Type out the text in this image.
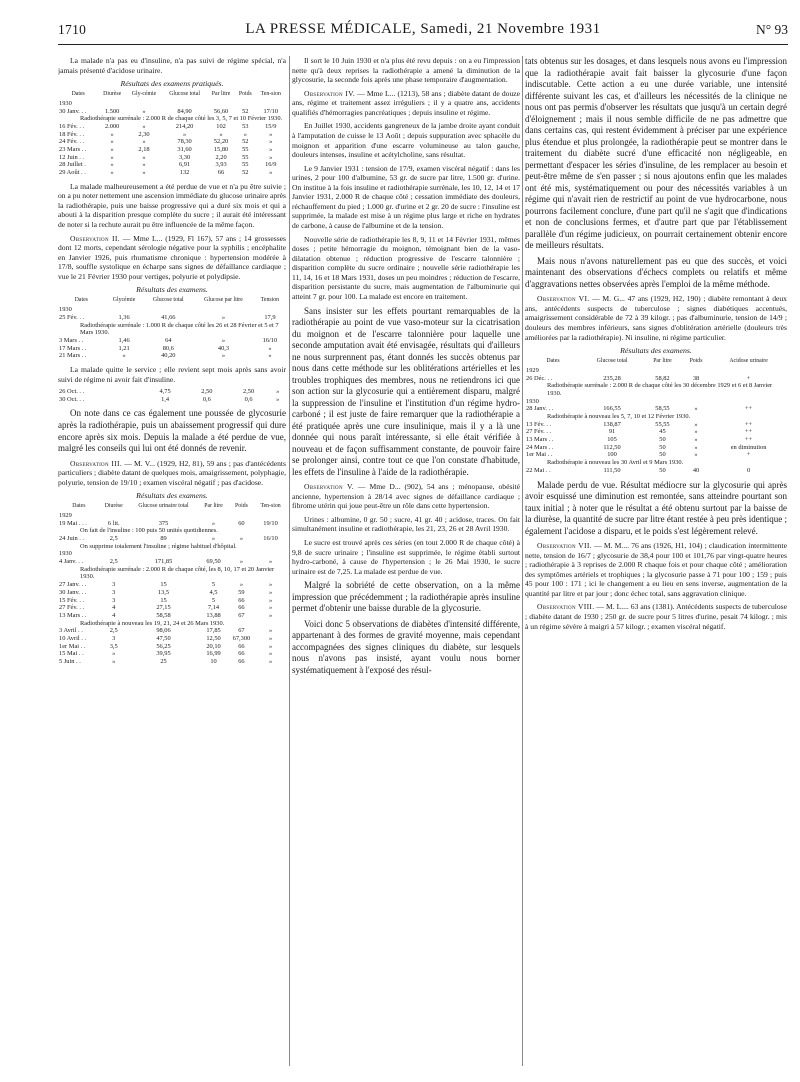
1710	LA PRESSE MÉDICALE, Samedi, 21 Novembre 1931	N° 93

La malade n'a pas eu d'insuline, n'a pas suivi de régime spécial, n'a jamais présenté d'acidose urinaire.

Résultats des examens pratiqués.
Dates	Diurèse	Gly-cémie	Glucose total	Par litre	Poids	Ten-sion
1930						
30 Janv. . .	1.500	»	84,90	56,60	52	17/10
Radiothérapie surrénale : 2.000 R de chaque côté les 3, 5, 7 et 10 Février 1930.						
16 Fév. . .	2.000	»	214,20	102	53	15/9
18 Fév. . .	»	2,30	»	»	»	»
24 Fév. . .	»	»	78,30	52,20	52	»
23 Mars . .	»	2,18	31,60	15,80	55	»
12 Juin . .	»	»	3,30	2,20	55	»
28 Juillet .	»	»	6,91	3,93	55	16/9
29 Août . .	»	»	132	66	52	»

La malade malheureusement a été perdue de vue et n'a pu être suivie ; on a pu noter nettement une ascension immédiate du glucose urinaire après la radiothérapie, puis une baisse progressive qui a duré six mois et qui a abouti à la disparition presque complète du sucre ; il aurait été intéressant de noter si la rechute aurait pu être influencée de la même façon.

Observation II. — Mme L... (1929, Fl 167), 57 ans ; 14 grossesses dont 12 morts, cependant sérologie négative pour la syphilis ; encéphalite en Janvier 1926, puis rhumatisme chronique : hypertension modérée à 17/8, souffle systolique en écharpe sans signes de défaillance cardiaque ; vue le 21 Février 1930 pour vertiges, polyurie et polydipsie.

Résultats des examens.
Dates	Glycémie	Glucose total	Glucose par litre	Tension
1930				
25 Fév. . .	1,36	41,66	»	17,9
Radiothérapie surrénale : 1.000 R de chaque côté les 26 et 28 Février et 5 et 7 Mars 1930.				
3 Mars . .	1,46	64	»	16/10
17 Mars . .	1,21	80,6	40,3	»
21 Mars . .	»	40,20	»	»

La malade quitte le service ; elle revient sept mois après sans avoir suivi de régime ni avoir fait d'insuline.

26 Oct. . .	4,75	2,50	2,50	»
30 Oct. . .	1,4	0,6	0,6	»

On note dans ce cas également une poussée de glycosurie après la radiothérapie, puis un abaissement progressif qui dure encore après six mois. Depuis la malade a été perdue de vue, malgré les conseils qui lui ont été donnés de revenir.

Observation III. — M. V... (1929, H2, 81), 59 ans ; pas d'antécédents particuliers ; diabète datant de quelques mois, amaigrissement, polyphagie, polyurie, tension de 19/10 ; examen viscéral négatif ; pas d'acidose.

Résultats des examens.
Dates	Diurèse	Glucose urinaire total	Par litre	Poids	Ten-sion
1929					
19 Mai . . .	6 lit.	375	»	60	19/10
On fait de l'insuline : 100 puis 50 unités quotidiennes.					
24 Juin . .	2,5	89	»	»	16/10
On supprime totalement l'insuline ; régime habituel d'hôpital.					
1930					
4 Janv. . .	2,5	171,85	69,50	»	»
Radiothérapie surrénale : 2.000 R de chaque côté, les 8, 10, 17 et 20 Janvier 1930.					
27 Janv. . .	3	15	5	»	»
30 Janv. . .	3	13,5	4,5	59	»
15 Fév. . .	3	15	5	66	»
27 Fév. . .	4	27,15	7,14	66	»
13 Mars . .	4	58,58	13,88	67	»
Radiothérapie à nouveau les 19, 21, 24 et 26 Mars 1930.					
3 Avril . .	2,5	98,06	17,85	67	»
10 Avril . .	3	47,50	12,50	67,300	»
1er Mai . .	3,5	56,25	20,10	66	»
15 Mai . .	»	39,95	16,99	66	»
5 Juin . .	»	25	10	66	»

Il sort le 10 Juin 1930 et n'a plus été revu depuis : on a eu l'impression nette qu'à deux reprises la radiothérapie a amené la diminution de la glycosurie, la seconde fois après une phase temporaire d'augmentation.

Observation IV. — Mme L... (1213), 58 ans ; diabète datant de douze ans, régime et traitement assez irréguliers ; il y a quatre ans, accidents qualifiés d'hémorragies pancréatiques ; depuis insuline et régime.

En Juillet 1930, accidents gangreneux de la jambe droite ayant conduit à l'amputation de cuisse le 13 Août ; depuis suppuration avec sphacèle du moignon et apparition d'une escarre volumineuse au talon gauche, douleurs intenses, insuline et acétylcholine, sans résultat.

Le 9 Janvier 1931 : tension de 17/9, examen viscéral négatif : dans les urines, 2 pour 100 d'albumine, 53 gr. de sucre par litre, 1.500 gr. d'urine. On institue à la fois insuline et radiothérapie surrénale, les 10, 12, 14 et 17 Janvier 1931, 2.000 R de chaque côté ; cessation immédiate des douleurs, réchauffement du pied ; 1.000 gr. d'urine et 2 gr. 20 de sucre : l'insuline est supprimée, la malade est mise à un régime plus large et riche en hydrates de carbone, à cause de l'albumine et de la tension.

Nouvelle série de radiothérapie les 8, 9, 11 et 14 Février 1931, mêmes doses ; petite hémorragie du moignon, témoignant bien de la vaso-dilatation obtenue ; réduction progressive de l'escarre talonnière ; disparition complète du sucre ordinaire ; nouvelle série radiothérapie les 11, 14, 16 et 18 Mars 1931, doses un peu moindres ; réduction de l'escarre, disparition persistante du sucre, mais augmentation de l'albuminurie qui atteint 7 gr. pour 100. La malade est encore en traitement.

Sans insister sur les effets pourtant remarquables de la radiothérapie au point de vue vaso-moteur sur la cicatrisation du moignon et de l'escarre talonnière pour laquelle une seconde amputation avait été envisagée, résultats qui d'ailleurs ne nous surprennent pas, étant donnés les succès obtenus par nous dans cette méthode sur les oblitérations artérielles et les troubles trophiques des membres, nous ne retiendrons ici que son action sur la glycosurie qui a entièrement disparu, malgré la suppression de l'insuline et l'institution d'un régime hydro-carboné ; il est juste de faire remarquer que la radiothérapie a été pratiquée après une cure insulinique, mais il y a là une donnée qui nous paraît intéressante, si elle était vérifiée à nouveau et de façon suffisamment constante, de pouvoir faire se prolonger ainsi, contre tout ce que l'on constate d'habitude, les effets de l'insuline à l'aide de la radiothérapie.

Observation V. — Mme D... (902), 54 ans ; ménopause, obésité ancienne, hypertension à 28/14 avec signes de défaillance cardiaque ; fibrome utérin qui joue peut-être un rôle dans cette hypertension.

Urines : albumine, 0 gr. 50 ; sucre, 41 gr. 40 ; acidose, traces. On fait simultanément insuline et radiothérapie, les 21, 23, 26 et 28 Avril 1930.

Le sucre est trouvé après ces séries (en tout 2.000 R de chaque côté) à 9,8 de sucre urinaire ; l'insuline est supprimée, le régime établi surtout hydro-carboné, à cause de l'hypertension ; le 26 Mai 1930, le sucre urinaire est de 7,25. La malade est perdue de vue.

Malgré la sobriété de cette observation, on a la même impression que précédemment ; la radiothérapie après insuline permet d'obtenir une baisse durable de la glycosurie.

Voici donc 5 observations de diabètes d'intensité différente, appartenant à des formes de gravité moyenne, mais cependant accompagnées des signes cliniques du diabète, sur lesquels nous n'avons pas insisté, ayant voulu nous borner systématiquement à l'exposé des résul-

tats obtenus sur les dosages, et dans lesquels nous avons eu l'impression que la radiothérapie avait fait baisser la glycosurie d'une façon indiscutable. Cette action a eu une durée variable, une intensité différente suivant les cas, et d'ailleurs les nécessités de la clinique ne nous ont pas permis d'observer les résultats que jusqu'à un certain degré d'éloignement ; mais il nous semble difficile de ne pas admettre que dans certains cas, qui restent évidemment à préciser par une expérience plus étendue et plus prolongée, la radiothérapie peut se montrer dans le traitement du diabète sucré d'une efficacité non négligeable, en permettant d'espacer les séries d'insuline, de les remplacer au besoin et peut-être même de s'en passer ; si nous ajoutons enfin que les malades ont été mis, systématiquement ou pour des nécessités variables à un régime qui n'avait rien de restrictif au point de vue hydrocarbone, nous pourrons facilement conclure, d'une part qu'il ne s'agit que d'indications et non de conclusions fermes, et d'autre part que par l'établissement parallèle d'un régime judicieux, on pourrait certainement obtenir encore de meilleurs résultats.

Mais nous n'avons naturellement pas eu que des succès, et voici maintenant des observations d'échecs complets ou relatifs et même d'aggravations nettes observées après l'emploi de la même méthode.

Observation VI. — M. G... 47 ans (1929, H2, 190) ; diabète remontant à deux ans, antécédents suspects de tuberculose ; signes diabétiques accentués, amaigrissement considérable de 72 à 39 kilogr. ; pas d'albuminurie, tension de 14/9 ; douleurs des membres inférieurs, sans signes d'oblitération artérielle (douleurs très améliorées par la radiothérapie). Ni insuline, ni régime particulier.

Résultats des examens.
Dates	Glucose total	Par litre	Poids	Acidose urinaire
1929				
26 Déc. . .	235,28	58,82	38	+
Radiothérapie surrénale : 2.000 R de chaque côté les 30 décembre 1929 et 6 et 8 Janvier 1930.				
1930				
28 Janv. . .	166,55	58,55	»	++
Radiothérapie à nouveau les 5, 7, 10 et 12 Février 1930.				
13 Fév. . .	138,87	55,55	»	++
27 Fév. . .	91	45	»	++
13 Mars . .	105	50	»	++
24 Mars . .	112,50	50	»	en diminution
1er Mai . .	100	50	»	+
Radiothérapie à nouveau les 30 Avril et 9 Mars 1930.				
22 Mai . .	111,50	50	40	0

Malade perdu de vue. Résultat médiocre sur la glycosurie qui après avoir esquissé une diminution est remontée, sans atteindre pourtant son taux initial ; à noter que le résultat a été obtenu surtout par la baisse de la diurèse, la quantité de sucre par litre étant restée à peu près identique ; également l'acidose a disparu, et le poids s'est légèrement relevé.

Observation VII. — M. M.... 76 ans (1926, H1, 104) ; claudication intermittente nette, tension de 16/7 ; glycosurie de 38,4 pour 100 et 101,76 par vingt-quatre heures ; radiothérapie à 3 reprises de 2.000 R chaque fois et pour chaque côté ; amélioration des symptômes artériels et trophiques ; la glycosurie passe à 71 pour 100 ; 159 ; puis 45 pour 100 : 171 ; ici le changement a eu lieu en sens inverse, augmentation de la quantité par litre et par jour ; donc échec total, sans aggravation clinique.

Observation VIII. — M. L.... 63 ans (1381). Antécédents suspects de tuberculose ; diabète datant de 1930 ; 250 gr. de sucre pour 5 litres d'urine, pesait 74 kilogr. ; mis à un régime sévère à maigri à 57 kilogr. ; examen viscéral négatif.
